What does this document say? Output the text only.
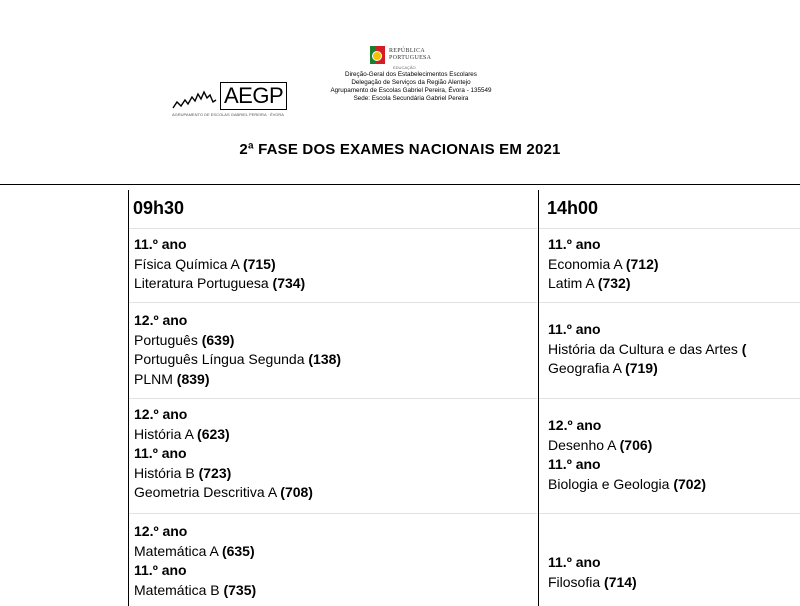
REPÚBLICA
PORTUGUESA
EDUCAÇÃO
AEGP
AGRUPAMENTO DE ESCOLAS GABRIEL PEREIRA · ÉVORA
Direção-Geral dos Estabelecimentos Escolares
Delegação de Serviços da Região Alentejo
Agrupamento de Escolas Gabriel Pereira, Évora - 135549
Sede: Escola Secundária Gabriel Pereira
2ª FASE DOS EXAMES NACIONAIS EM 2021
09h30	14h00
11.º ano
Física Química A (715)
Literatura Portuguesa (734)
12.º ano
Português (639)
Português Língua Segunda (138)
PLNM (839)
12.º ano
História A (623)
11.º ano
História B (723)
Geometria Descritiva A (708)
12.º ano
Matemática A (635)
11.º ano
Matemática B (735)
11.º ano
Economia A (712)
Latim A (732)
11.º ano
História da Cultura e das Artes (
Geografia A (719)
12.º ano
Desenho A (706)
11.º ano
Biologia e Geologia (702)
11.º ano
Filosofia (714)
